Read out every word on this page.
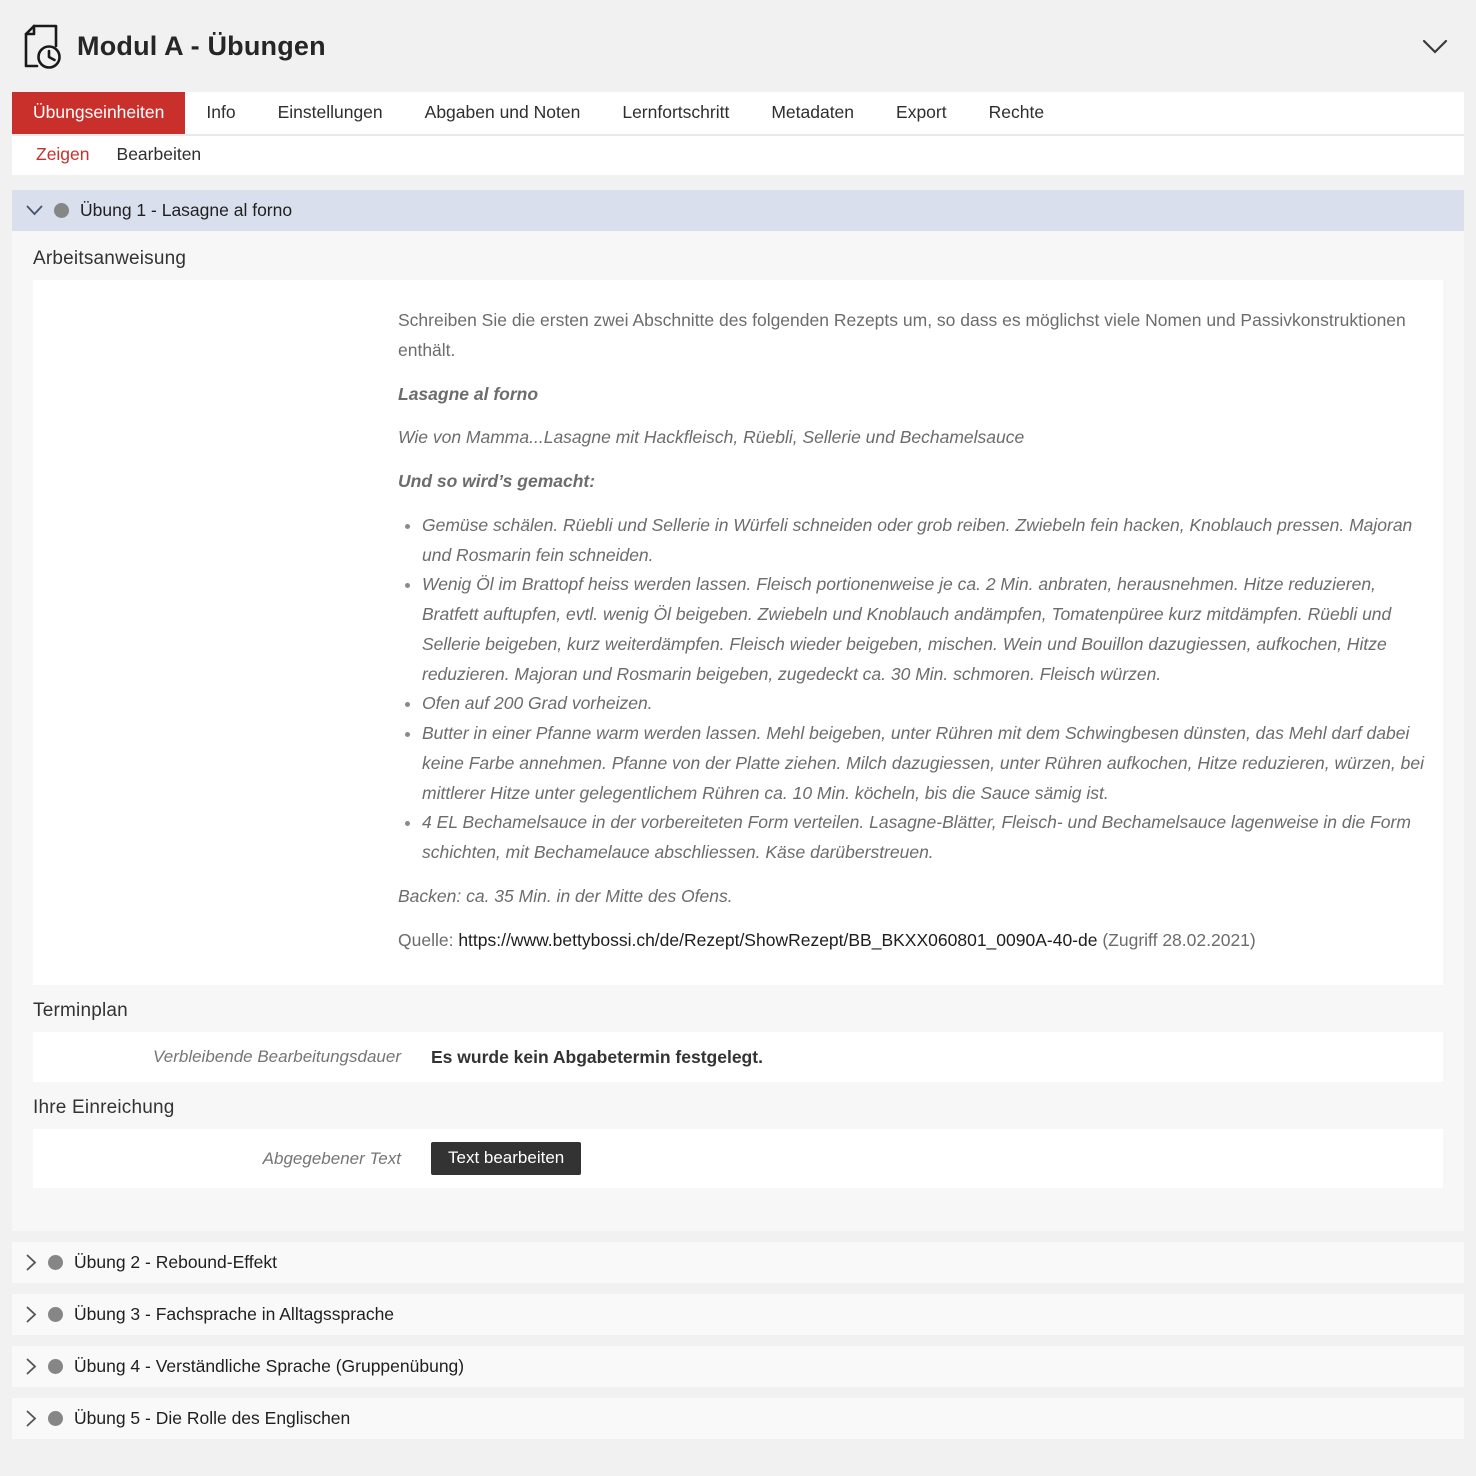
Modul A - Übungen
Übungseinheiten	Info	Einstellungen	Abgaben und Noten	Lernfortschritt	Metadaten	Export	Rechte
Zeigen Bearbeiten
Übung 1 - Lasagne al forno
Arbeitsanweisung

Schreiben Sie die ersten zwei Abschnitte des folgenden Rezepts um, so dass es möglichst viele Nomen und Passivkonstruktionen enthält.

Lasagne al forno

Wie von Mamma...Lasagne mit Hackfleisch, Rüebli, Sellerie und Bechamelsauce

Und so wird’s gemacht:

• Gemüse schälen. Rüebli und Sellerie in Würfeli schneiden oder grob reiben. Zwiebeln fein hacken, Knoblauch pressen. Majoran und Rosmarin fein schneiden.
• Wenig Öl im Brattopf heiss werden lassen. Fleisch portionenweise je ca. 2 Min. anbraten, herausnehmen. Hitze reduzieren, Bratfett auftupfen, evtl. wenig Öl beigeben. Zwiebeln und Knoblauch andämpfen, Tomatenpüree kurz mitdämpfen. Rüebli und Sellerie beigeben, kurz weiterdämpfen. Fleisch wieder beigeben, mischen. Wein und Bouillon dazugiessen, aufkochen, Hitze reduzieren. Majoran und Rosmarin beigeben, zugedeckt ca. 30 Min. schmoren. Fleisch würzen.
• Ofen auf 200 Grad vorheizen.
• Butter in einer Pfanne warm werden lassen. Mehl beigeben, unter Rühren mit dem Schwingbesen dünsten, das Mehl darf dabei keine Farbe annehmen. Pfanne von der Platte ziehen. Milch dazugiessen, unter Rühren aufkochen, Hitze reduzieren, würzen, bei mittlerer Hitze unter gelegentlichem Rühren ca. 10 Min. köcheln, bis die Sauce sämig ist.
• 4 EL Bechamelsauce in der vorbereiteten Form verteilen. Lasagne-Blätter, Fleisch- und Bechamelsauce lagenweise in die Form schichten, mit Bechamelauce abschliessen. Käse darüberstreuen.

Backen: ca. 35 Min. in der Mitte des Ofens.

Quelle: https://www.bettybossi.ch/de/Rezept/ShowRezept/BB_BKXX060801_0090A-40-de (Zugriff 28.02.2021)

Terminplan
Verbleibende Bearbeitungsdauer Es wurde kein Abgabetermin festgelegt.
Ihre Einreichung
Abgegebener Text	Text bearbeiten
Übung 2 - Rebound-Effekt
Übung 3 - Fachsprache in Alltagssprache
Übung 4 - Verständliche Sprache (Gruppenübung)
Übung 5 - Die Rolle des Englischen
